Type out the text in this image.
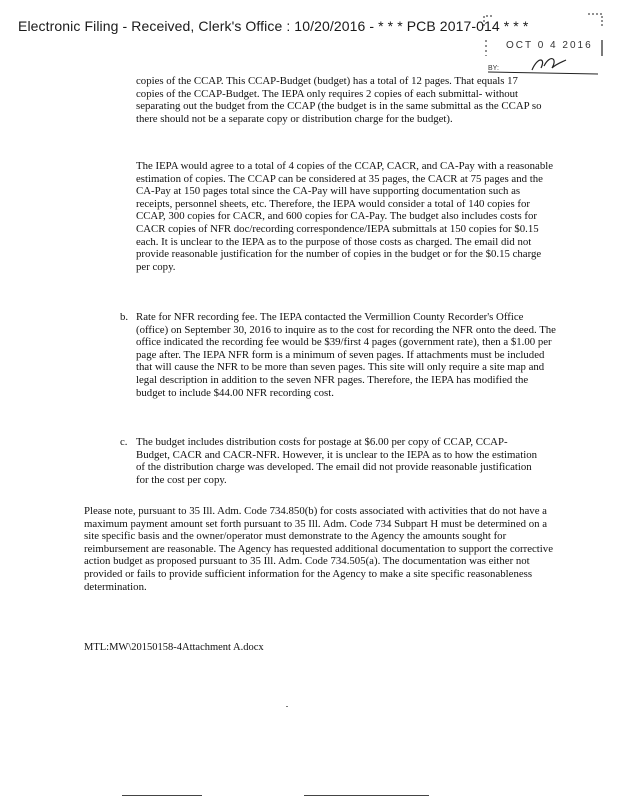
Electronic Filing - Received, Clerk's Office : 10/20/2016 - * * * PCB 2017-014 * * *
OCT 0 4 2016
BY:

copies of the CCAP. This CCAP-Budget (budget) has a total of 12 pages. That equals 17 copies of the CCAP-Budget. The IEPA only requires 2 copies of each submittal- without separating out the budget from the CCAP (the budget is in the same submittal as the CCAP so there should not be a separate copy or distribution charge for the budget).

The IEPA would agree to a total of 4 copies of the CCAP, CACR, and CA-Pay with a reasonable estimation of copies. The CCAP can be considered at 35 pages, the CACR at 75 pages and the CA-Pay at 150 pages total since the CA-Pay will have supporting documentation such as receipts, personnel sheets, etc. Therefore, the IEPA would consider a total of 140 copies for CCAP, 300 copies for CACR, and 600 copies for CA-Pay. The budget also includes costs for CACR copies of NFR doc/recording correspondence/IEPA submittals at 150 copies for $0.15 each. It is unclear to the IEPA as to the purpose of those costs as charged. The email did not provide reasonable justification for the number of copies in the budget or for the $0.15 charge per copy.

b. Rate for NFR recording fee. The IEPA contacted the Vermillion County Recorder's Office (office) on September 30, 2016 to inquire as to the cost for recording the NFR onto the deed. The office indicated the recording fee would be $39/first 4 pages (government rate), then a $1.00 per page after. The IEPA NFR form is a minimum of seven pages. If attachments must be included that will cause the NFR to be more than seven pages. This site will only require a site map and legal description in addition to the seven NFR pages. Therefore, the IEPA has modified the budget to include $44.00 NFR recording cost.
c. The budget includes distribution costs for postage at $6.00 per copy of CCAP, CCAP-Budget, CACR and CACR-NFR. However, it is unclear to the IEPA as to how the estimation of the distribution charge was developed. The email did not provide reasonable justification for the cost per copy.

Please note, pursuant to 35 Ill. Adm. Code 734.850(b) for costs associated with activities that do not have a maximum payment amount set forth pursuant to 35 Ill. Adm. Code 734 Subpart H must be determined on a site specific basis and the owner/operator must demonstrate to the Agency the amounts sought for reimbursement are reasonable. The Agency has requested additional documentation to support the corrective action budget as proposed pursuant to 35 Ill. Adm. Code 734.505(a). The documentation was either not provided or fails to provide sufficient information for the Agency to make a site specific reasonableness determination.

MTL:MW\20150158-4Attachment A.docx
